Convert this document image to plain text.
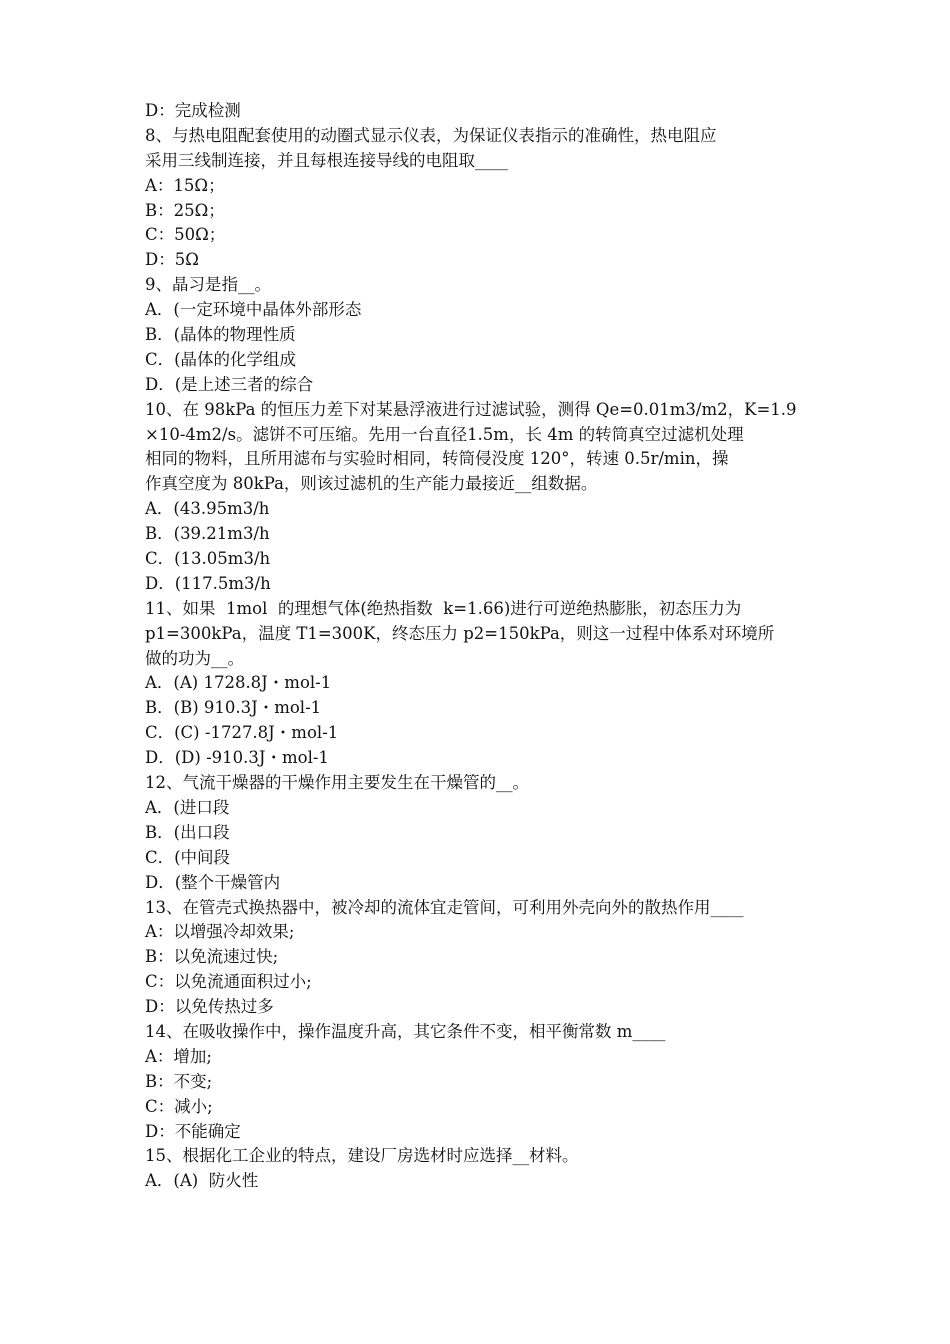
D：完成检测
8、与热电阻配套使用的动圈式显示仪表，为保证仪表指示的准确性，热电阻应
采用三线制连接，并且每根连接导线的电阻取____
A：15Ω；
B：25Ω；
C：50Ω；
D：5Ω
9、晶习是指__。
A．(一定环境中晶体外部形态
B．(晶体的物理性质
C．(晶体的化学组成
D．(是上述三者的综合
10、在 98kPa 的恒压力差下对某悬浮液进行过滤试验，测得 Qe=0.01m3/m2，K=1.9
×10-4m2/s。滤饼不可压缩。先用一台直径1.5m，长 4m 的转筒真空过滤机处理
相同的物料，且所用滤布与实验时相同，转筒侵没度 120°，转速 0.5r/min，操
作真空度为 80kPa，则该过滤机的生产能力最接近__组数据。
A．(43.95m3/h
B．(39.21m3/h
C．(13.05m3/h
D．(117.5m3/h
11、如果  1mol  的理想气体(绝热指数  k=1.66)进行可逆绝热膨胀，初态压力为
p1=300kPa，温度 T1=300K，终态压力 p2=150kPa，则这一过程中体系对环境所
做的功为__。
A．(A) 1728.8J・mol-1
B．(B) 910.3J・mol-1
C．(C) -1727.8J・mol-1
D．(D) -910.3J・mol-1
12、气流干燥器的干燥作用主要发生在干燥管的__。
A．(进口段
B．(出口段
C．(中间段
D．(整个干燥管内
13、在管壳式换热器中，被冷却的流体宜走管间，可利用外壳向外的散热作用____
A：以增强冷却效果;
B：以免流速过快;
C：以免流通面积过小;
D：以免传热过多
14、在吸收操作中，操作温度升高，其它条件不变，相平衡常数 m____
A：增加;
B：不变;
C：减小;
D：不能确定
15、根据化工企业的特点，建设厂房选材时应选择__材料。
A．(A)  防火性
